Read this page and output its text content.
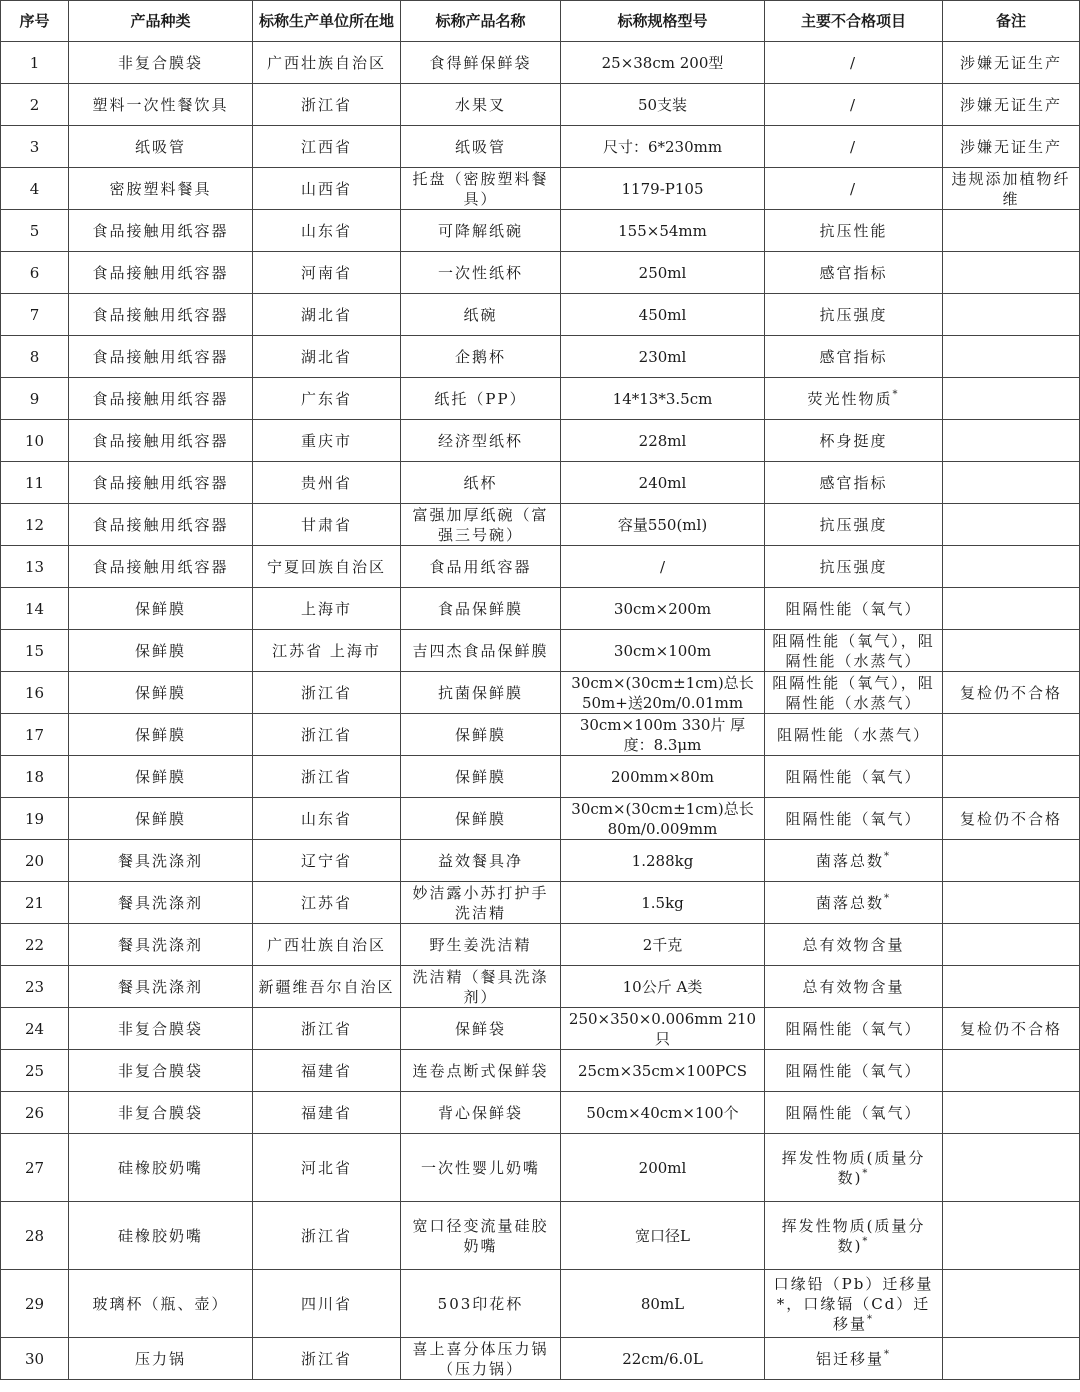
序号	产品种类	标称生产单位所在地	标称产品名称	标称规格型号	主要不合格项目	备注
1	非复合膜袋	广西壮族自治区	食得鲜保鲜袋	25×38cm 200型	/	涉嫌无证生产
2	塑料一次性餐饮具	浙江省	水果叉	50支装	/	涉嫌无证生产
3	纸吸管	江西省	纸吸管	尺寸：6*230mm	/	涉嫌无证生产
4	密胺塑料餐具	山西省	托盘（密胺塑料餐具）	1179-P105	/	违规添加植物纤维
5	食品接触用纸容器	山东省	可降解纸碗	155×54mm	抗压性能	
6	食品接触用纸容器	河南省	一次性纸杯	250ml	感官指标	
7	食品接触用纸容器	湖北省	纸碗	450ml	抗压强度	
8	食品接触用纸容器	湖北省	企鹅杯	230ml	感官指标	
9	食品接触用纸容器	广东省	纸托（PP）	14*13*3.5cm	荧光性物质*	
10	食品接触用纸容器	重庆市	经济型纸杯	228ml	杯身挺度	
11	食品接触用纸容器	贵州省	纸杯	240ml	感官指标	
12	食品接触用纸容器	甘肃省	富强加厚纸碗（富强三号碗）	容量550(ml)	抗压强度	
13	食品接触用纸容器	宁夏回族自治区	食品用纸容器	/	抗压强度	
14	保鲜膜	上海市	食品保鲜膜	30cm×200m	阻隔性能（氧气）	
15	保鲜膜	江苏省 上海市	吉四杰食品保鲜膜	30cm×100m	阻隔性能（氧气），阻隔性能（水蒸气）	
16	保鲜膜	浙江省	抗菌保鲜膜	30cm×(30cm±1cm)总长50m+送20m/0.01mm	阻隔性能（氧气），阻隔性能（水蒸气）	复检仍不合格
17	保鲜膜	浙江省	保鲜膜	30cm×100m 330片 厚度：8.3μm	阻隔性能（水蒸气）	
18	保鲜膜	浙江省	保鲜膜	200mm×80m	阻隔性能（氧气）	
19	保鲜膜	山东省	保鲜膜	30cm×(30cm±1cm)总长80m/0.009mm	阻隔性能（氧气）	复检仍不合格
20	餐具洗涤剂	辽宁省	益效餐具净	1.288kg	菌落总数*	
21	餐具洗涤剂	江苏省	妙洁露小苏打护手洗洁精	1.5kg	菌落总数*	
22	餐具洗涤剂	广西壮族自治区	野生姜洗洁精	2千克	总有效物含量	
23	餐具洗涤剂	新疆维吾尔自治区	洗洁精（餐具洗涤剂）	10公斤 A类	总有效物含量	
24	非复合膜袋	浙江省	保鲜袋	250×350×0.006mm 210只	阻隔性能（氧气）	复检仍不合格
25	非复合膜袋	福建省	连卷点断式保鲜袋	25cm×35cm×100PCS	阻隔性能（氧气）	
26	非复合膜袋	福建省	背心保鲜袋	50cm×40cm×100个	阻隔性能（氧气）	
27	硅橡胶奶嘴	河北省	一次性婴儿奶嘴	200ml	挥发性物质(质量分数)*	
28	硅橡胶奶嘴	浙江省	宽口径变流量硅胶奶嘴	宽口径L	挥发性物质(质量分数)*	
29	玻璃杯（瓶、壶）	四川省	503印花杯	80mL	口缘铅（Pb）迁移量*，口缘镉（Cd）迁移量*	
30	压力锅	浙江省	喜上喜分体压力锅（压力锅）	22cm/6.0L	铝迁移量*	
